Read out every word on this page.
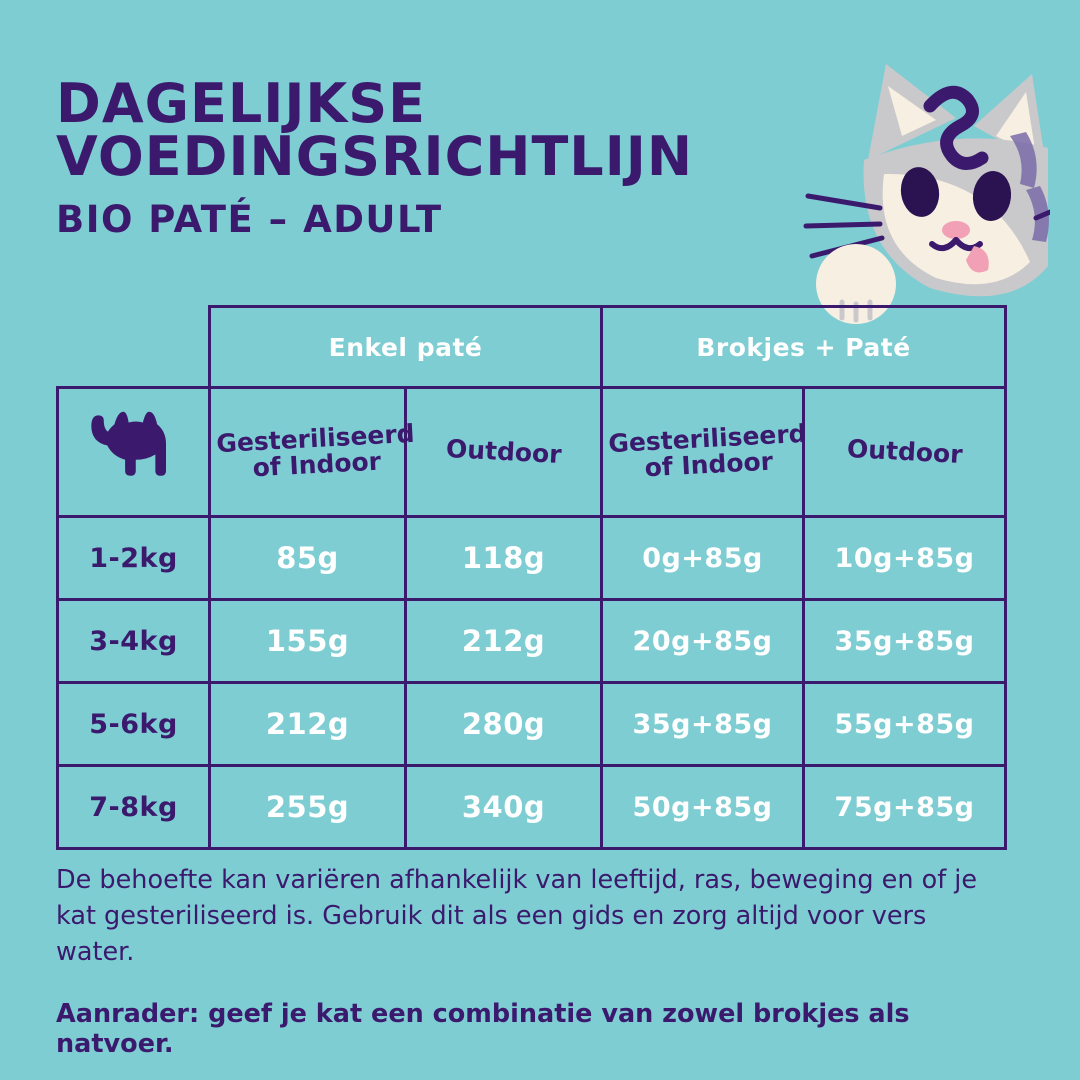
DAGELIJKSE
VOEDINGSRICHTLIJN
BIO PATÉ – ADULT
	Enkel paté		Brokjes + Paté	
	Gesteriliseerd of Indoor	Outdoor	Gesteriliseerd of Indoor	Outdoor
1-2kg	85g	118g	0g+85g	10g+85g
3-4kg	155g	212g	20g+85g	35g+85g
5-6kg	212g	280g	35g+85g	55g+85g
7-8kg	255g	340g	50g+85g	75g+85g
De behoefte kan variëren afhankelijk van leeftijd, ras, beweging en of je kat gesteriliseerd is. Gebruik dit als een gids en zorg altijd voor vers water.
Aanrader: geef je kat een combinatie van zowel brokjes als natvoer.
